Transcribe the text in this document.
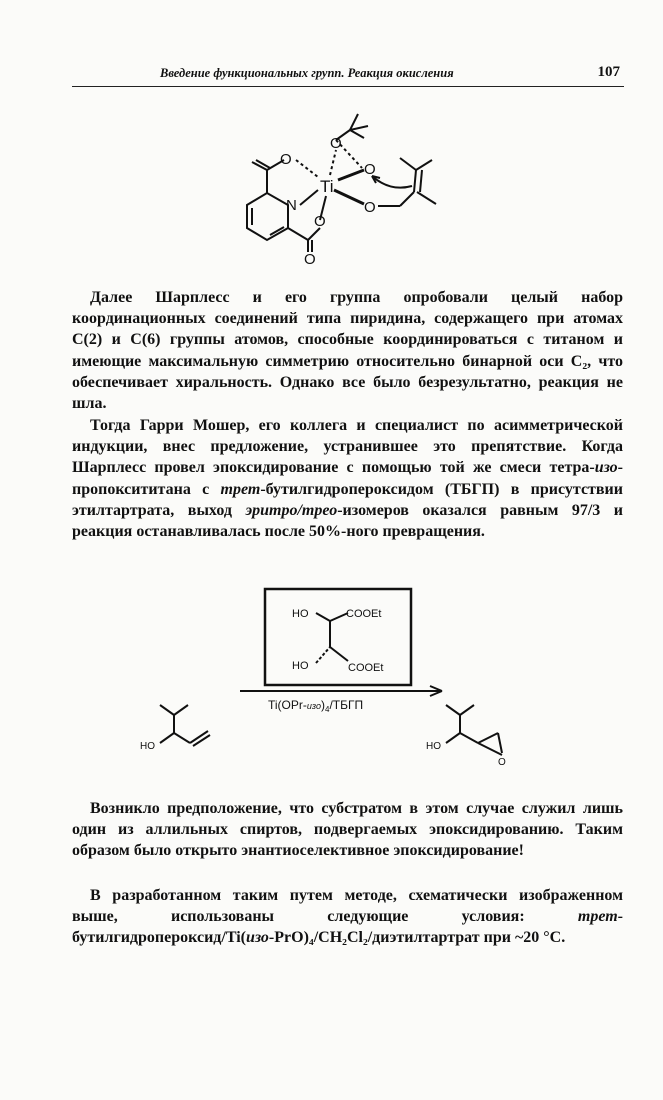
Введение функциональных групп. Реакция окисления	107
O
N
Ti
O
O
O
O
O

Далее Шарплесс и его группа опробовали целый набор координационных соединений типа пиридина, содержащего при атомах С(2) и С(6) группы атомов, способные координироваться с титаном и имеющие максимальную симметрию относительно бинарной оси С₂, что обеспечивает хиральность. Однако все было безрезультатно, реакция не шла.

Тогда Гарри Мошер, его коллега и специалист по асимметрической индукции, внес предложение, устранившее это препятствие. Когда Шарплесс провел эпоксидирование с помощью той же смеси тетра-изо-пропоксититана с трет-бутилгидропероксидом (ТБГП) в присутствии этилтартрата, выход эритро/трео-изомеров оказался равным 97/3 и реакция останавливалась после 50%-ного превращения.

HO	COOEt
HO	COOEt
$Ti(OPr-изо)_4$/ТБГП
HO	HO
O

Возникло предположение, что субстратом в этом случае служил лишь один из аллильных спиртов, подвергаемых эпоксидированию. Таким образом было открыто энантиоселективное эпоксидирование!

В разработанном таким путем методе, схематически изображенном выше, использованы следующие условия: трет-бутилгидропероксид/Ti(изо-PrO)₄/CH₂Cl₂/диэтилтартрат при ~20 °C.
